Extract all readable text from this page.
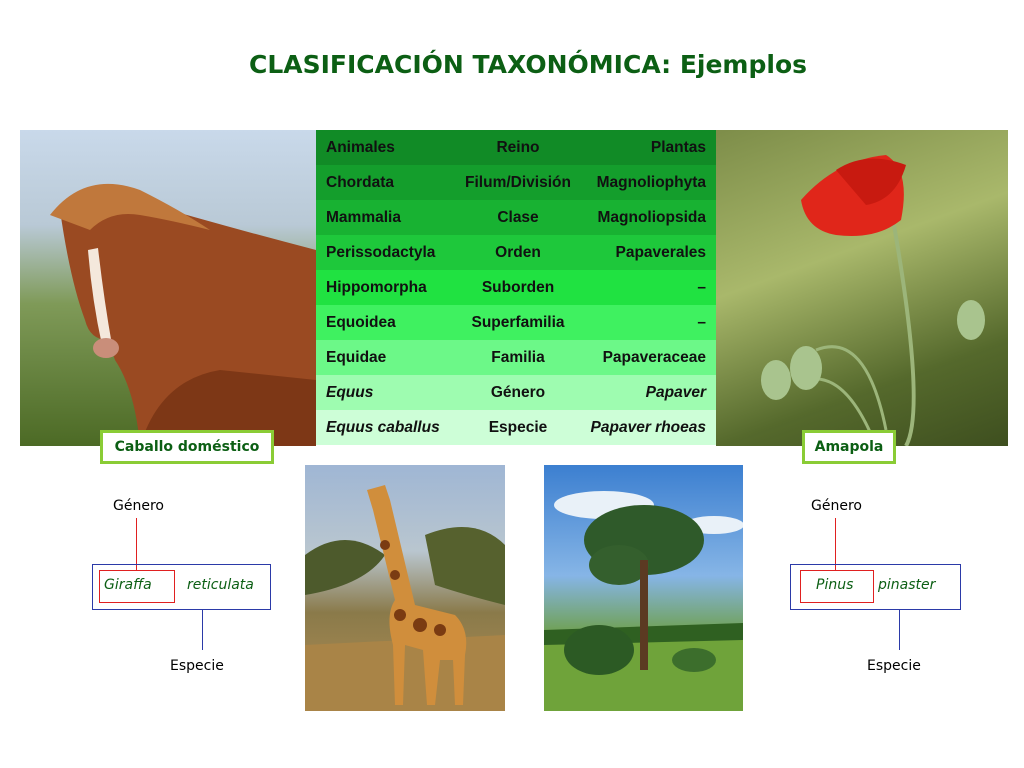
CLASIFICACIÓN TAXONÓMICA: Ejemplos
Animales	Reino	Plantas
Chordata	Filum/División	Magnoliophyta
Mammalia	Clase	Magnoliopsida
Perissodactyla	Orden	Papaverales
Hippomorpha	Suborden	–
Equoidea	Superfamilia	–
Equidae	Familia	Papaveraceae
Equus	Género	Papaver
Equus caballus	Especie	Papaver rhoeas
Caballo doméstico	Amapola
Género
Giraffa	reticulata
Especie
Género
Pinus pinaster
Especie
